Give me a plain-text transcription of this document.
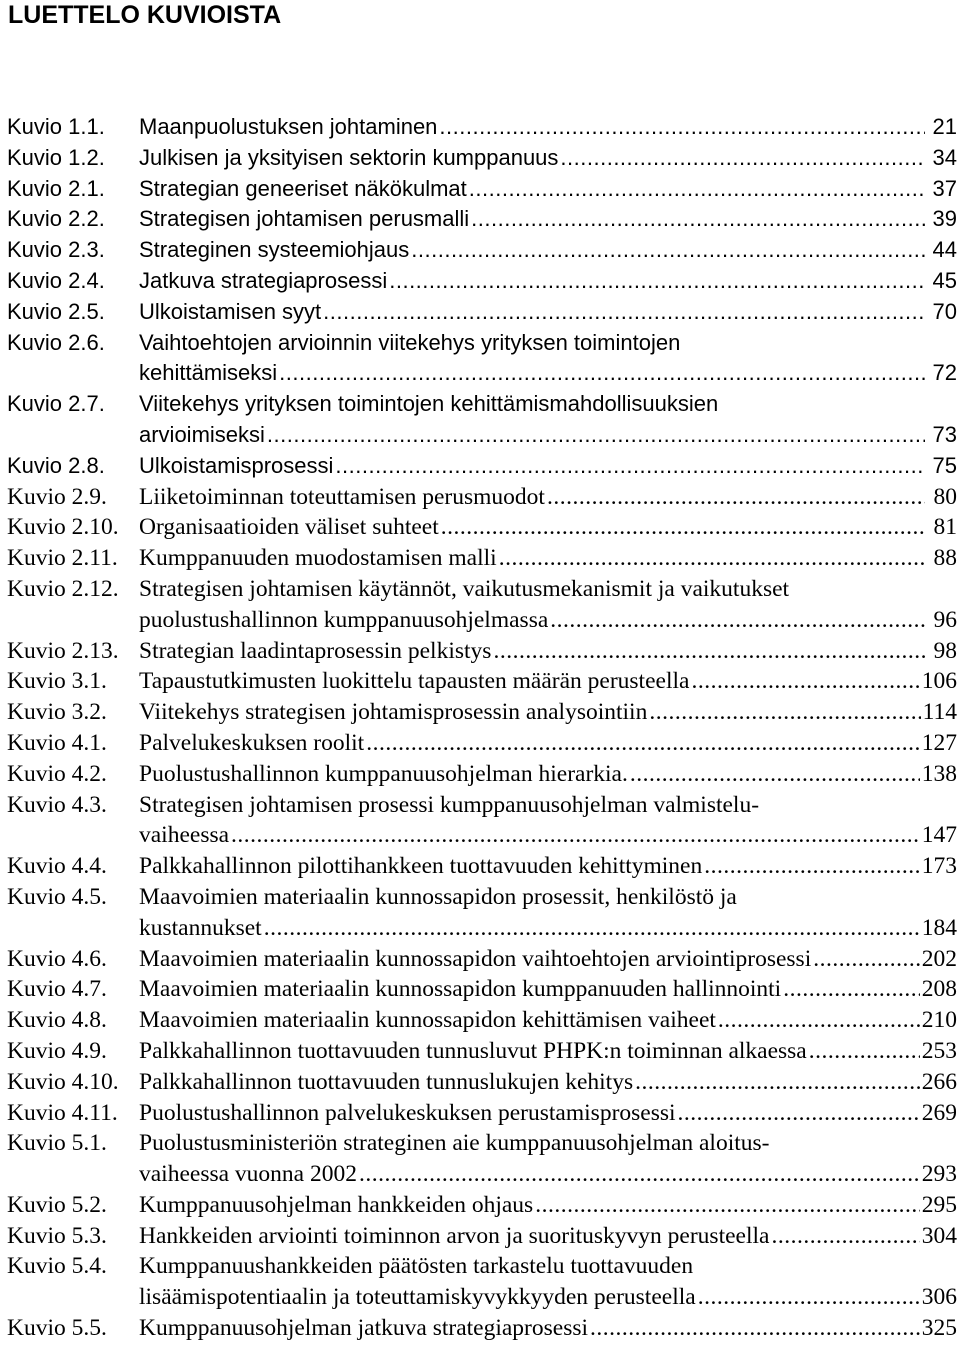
LUETTELO KUVIOISTA
Kuvio 1.1. Maanpuolustuksen johtaminen .....	21
Kuvio 1.2. Julkisen ja yksityisen sektorin kumppanuus .....	34
Kuvio 2.1. Strategian geneeriset näkökulmat .....	37
Kuvio 2.2. Strategisen johtamisen perusmalli .....	39
Kuvio 2.3. Strateginen systeemiohjaus .....	44
Kuvio 2.4. Jatkuva strategiaprosessi .....	45
Kuvio 2.5. Ulkoistamisen syyt .....	70
Kuvio 2.6. Vaihtoehtojen arvioinnin viitekehys yrityksen toimintojen
kehittämiseksi .....	72
Kuvio 2.7. Viitekehys yrityksen toimintojen kehittämismahdollisuuksien
arvioimiseksi .....	73
Kuvio 2.8. Ulkoistamisprosessi .....	75
Kuvio 2.9. Liiketoiminnan toteuttamisen perusmuodot .....	80
Kuvio 2.10. Organisaatioiden väliset suhteet .....	81
Kuvio 2.11. Kumppanuuden muodostamisen malli .....	88
Kuvio 2.12. Strategisen johtamisen käytännöt, vaikutusmekanismit ja vaikutukset
puolustushallinnon kumppanuusohjelmassa .....	96
Kuvio 2.13. Strategian laadintaprosessin pelkistys .....	98
Kuvio 3.1. Tapaustutkimusten luokittelu tapausten määrän perusteella .....	106
Kuvio 3.2. Viitekehys strategisen johtamisprosessin analysointiin .....	114
Kuvio 4.1. Palvelukeskuksen roolit .....	127
Kuvio 4.2. Puolustushallinnon kumppanuusohjelman hierarkia. .....	138
Kuvio 4.3. Strategisen johtamisen prosessi kumppanuusohjelman valmistelu-
vaiheessa .....	147
Kuvio 4.4. Palkkahallinnon pilottihankkeen tuottavuuden kehittyminen .....	173
Kuvio 4.5. Maavoimien materiaalin kunnossapidon prosessit, henkilöstö ja
kustannukset .....	184
Kuvio 4.6. Maavoimien materiaalin kunnossapidon vaihtoehtojen arviointiprosessi .....	202
Kuvio 4.7. Maavoimien materiaalin kunnossapidon kumppanuuden hallinnointi .....	208
Kuvio 4.8. Maavoimien materiaalin kunnossapidon kehittämisen vaiheet .....	210
Kuvio 4.9. Palkkahallinnon tuottavuuden tunnusluvut PHPK:n toiminnan alkaessa .....	253
Kuvio 4.10. Palkkahallinnon tuottavuuden tunnuslukujen kehitys .....	266
Kuvio 4.11. Puolustushallinnon palvelukeskuksen perustamisprosessi .....	269
Kuvio 5.1. Puolustusministeriön strateginen aie kumppanuusohjelman aloitus-
vaiheessa vuonna 2002 .....	293
Kuvio 5.2. Kumppanuusohjelman hankkeiden ohjaus .....	295
Kuvio 5.3. Hankkeiden arviointi toiminnon arvon ja suorituskyvyn perusteella .....	304
Kuvio 5.4. Kumppanuushankkeiden päätösten tarkastelu tuottavuuden
lisäämispotentiaalin ja toteuttamiskyvykkyyden perusteella .....	306
Kuvio 5.5. Kumppanuusohjelman jatkuva strategiaprosessi .....	325
